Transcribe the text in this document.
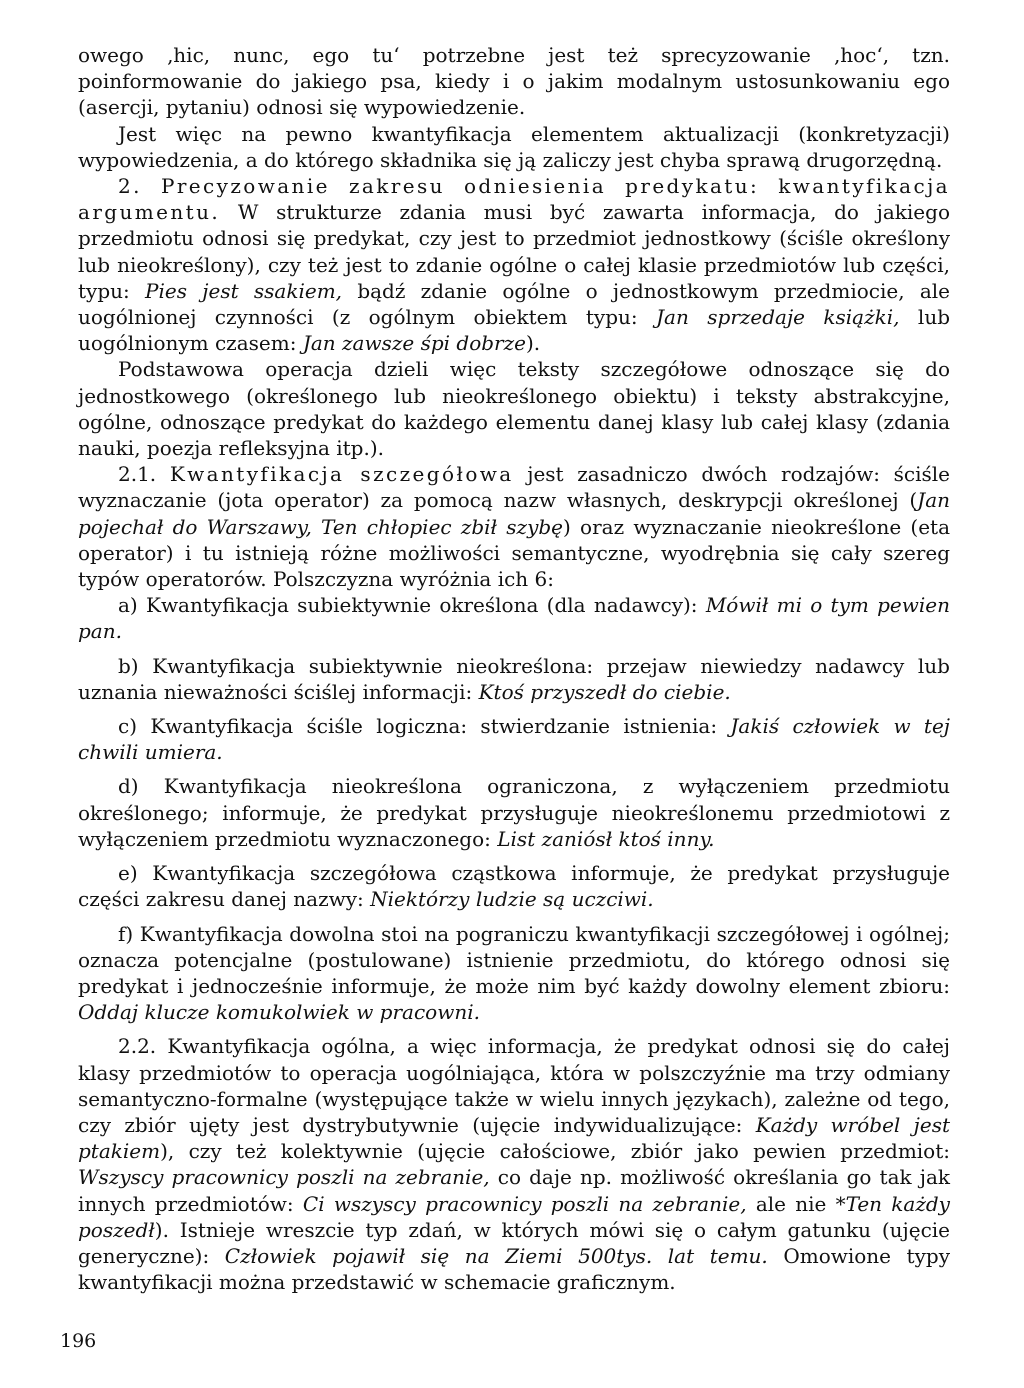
owego ‚hic, nunc, ego tu‘ potrzebne jest też sprecyzowanie ‚hoc‘, tzn. poinformowanie do jakiego psa, kiedy i o jakim modalnym ustosunkowaniu ego (asercji, pytaniu) odnosi się wypowiedzenie.

Jest więc na pewno kwantyfikacja elementem aktualizacji (konkretyzacji) wypowiedzenia, a do którego składnika się ją zaliczy jest chyba sprawą drugorzędną.

2. Precyzowanie zakresu odniesienia predykatu: kwantyfikacja argumentu. W strukturze zdania musi być zawarta informacja, do jakiego przedmiotu odnosi się predykat, czy jest to przedmiot jednostkowy (ściśle określony lub nieokreślony), czy też jest to zdanie ogólne o całej klasie przedmiotów lub części, typu: Pies jest ssakiem, bądź zdanie ogólne o jednostkowym przedmiocie, ale uogólnionej czynności (z ogólnym obiektem typu: Jan sprzedaje książki, lub uogólnionym czasem: Jan zawsze śpi dobrze).

Podstawowa operacja dzieli więc teksty szczegółowe odnoszące się do jednostkowego (określonego lub nieokreślonego obiektu) i teksty abstrakcyjne, ogólne, odnoszące predykat do każdego elementu danej klasy lub całej klasy (zdania nauki, poezja refleksyjna itp.).

2.1. Kwantyfikacja szczegółowa jest zasadniczo dwóch rodzajów: ściśle wyznaczanie (jota operator) za pomocą nazw własnych, deskrypcji określonej (Jan pojechał do Warszawy, Ten chłopiec zbił szybę) oraz wyznaczanie nieokreślone (eta operator) i tu istnieją różne możliwości semantyczne, wyodrębnia się cały szereg typów operatorów. Polszczyzna wyróżnia ich 6:

a) Kwantyfikacja subiektywnie określona (dla nadawcy): Mówił mi o tym pewien pan.

b) Kwantyfikacja subiektywnie nieokreślona: przejaw niewiedzy nadawcy lub uznania nieważności ściślej informacji: Ktoś przyszedł do ciebie.

c) Kwantyfikacja ściśle logiczna: stwierdzanie istnienia: Jakiś człowiek w tej chwili umiera.

d) Kwantyfikacja nieokreślona ograniczona, z wyłączeniem przedmiotu określonego; informuje, że predykat przysługuje nieokreślonemu przedmiotowi z wyłączeniem przedmiotu wyznaczonego: List zaniósł ktoś inny.

e) Kwantyfikacja szczegółowa cząstkowa informuje, że predykat przysługuje części zakresu danej nazwy: Niektórzy ludzie są uczciwi.

f) Kwantyfikacja dowolna stoi na pograniczu kwantyfikacji szczegółowej i ogólnej; oznacza potencjalne (postulowane) istnienie przedmiotu, do którego odnosi się predykat i jednocześnie informuje, że może nim być każdy dowolny element zbioru: Oddaj klucze komukolwiek w pracowni.

2.2. Kwantyfikacja ogólna, a więc informacja, że predykat odnosi się do całej klasy przedmiotów to operacja uogólniająca, która w polszczyźnie ma trzy odmiany semantyczno-formalne (występujące także w wielu innych językach), zależne od tego, czy zbiór ujęty jest dystrybutywnie (ujęcie indywidualizujące: Każdy wróbel jest ptakiem), czy też kolektywnie (ujęcie całościowe, zbiór jako pewien przedmiot: Wszyscy pracownicy poszli na zebranie, co daje np. możliwość określania go tak jak innych przedmiotów: Ci wszyscy pracownicy poszli na zebranie, ale nie *Ten każdy poszedł). Istnieje wreszcie typ zdań, w których mówi się o całym gatunku (ujęcie generyczne): Człowiek pojawił się na Ziemi 500tys. lat temu. Omowione typy kwantyfikacji można przedstawić w schemacie graficznym.

196
